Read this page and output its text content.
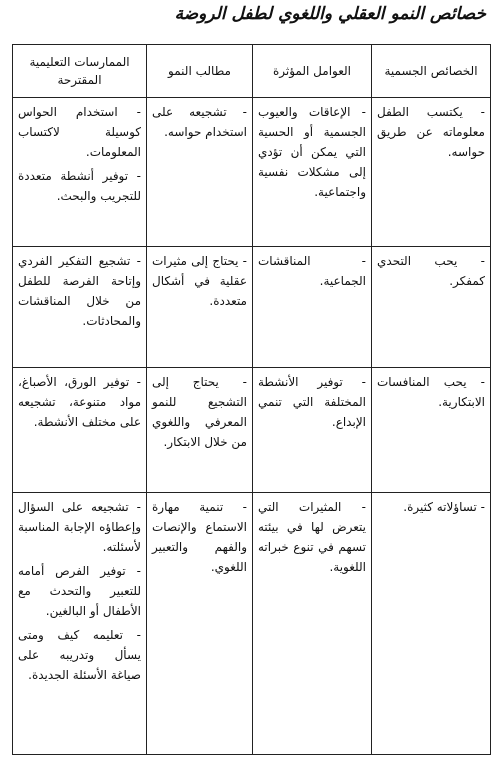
خصائص النمو العقلي واللغوي لطفل الروضة
الخصائص الجسمية	العوامل المؤثرة	مطالب النمو	الممارسات التعليمية المقترحة

- يكتسب الطفل معلوماته عن طريق حواسه.	- الإعاقات والعيوب الجسمية أو الحسية التي يمكن أن تؤدي إلى مشكلات نفسية واجتماعية.	- تشجيعه على استخدام حواسه.	- استخدام الحواس كوسيلة لاكتساب المعلومات.
- توفير أنشطة متعددة للتجريب والبحث.

- يحب التحدي كمفكر.	- المناقشات الجماعية.	- يحتاج إلى مثيرات عقلية في أشكال متعددة.	- تشجيع التفكير الفردي وإتاحة الفرصة للطفل من خلال المناقشات والمحادثات.

- يحب المنافسات الابتكارية.	- توفير الأنشطة المختلفة التي تنمي الإبداع.	- يحتاج إلى التشجيع للنمو المعرفي واللغوي من خلال الابتكار.	- توفير الورق، الأصباغ، مواد متنوعة، تشجيعه على مختلف الأنشطة.

- تساؤلاته كثيرة.	- المثيرات التي يتعرض لها في بيئته تسهم في تنوع خبراته اللغوية.	- تنمية مهارة الاستماع والإنصات والفهم والتعبير اللغوي.	- تشجيعه على السؤال وإعطاؤه الإجابة المناسبة لأسئلته.
- توفير الفرص أمامه للتعبير والتحدث مع الأطفال أو البالغين.
- تعليمه كيف ومتى يسأل وتدريبه على صياغة الأسئلة الجديدة.
